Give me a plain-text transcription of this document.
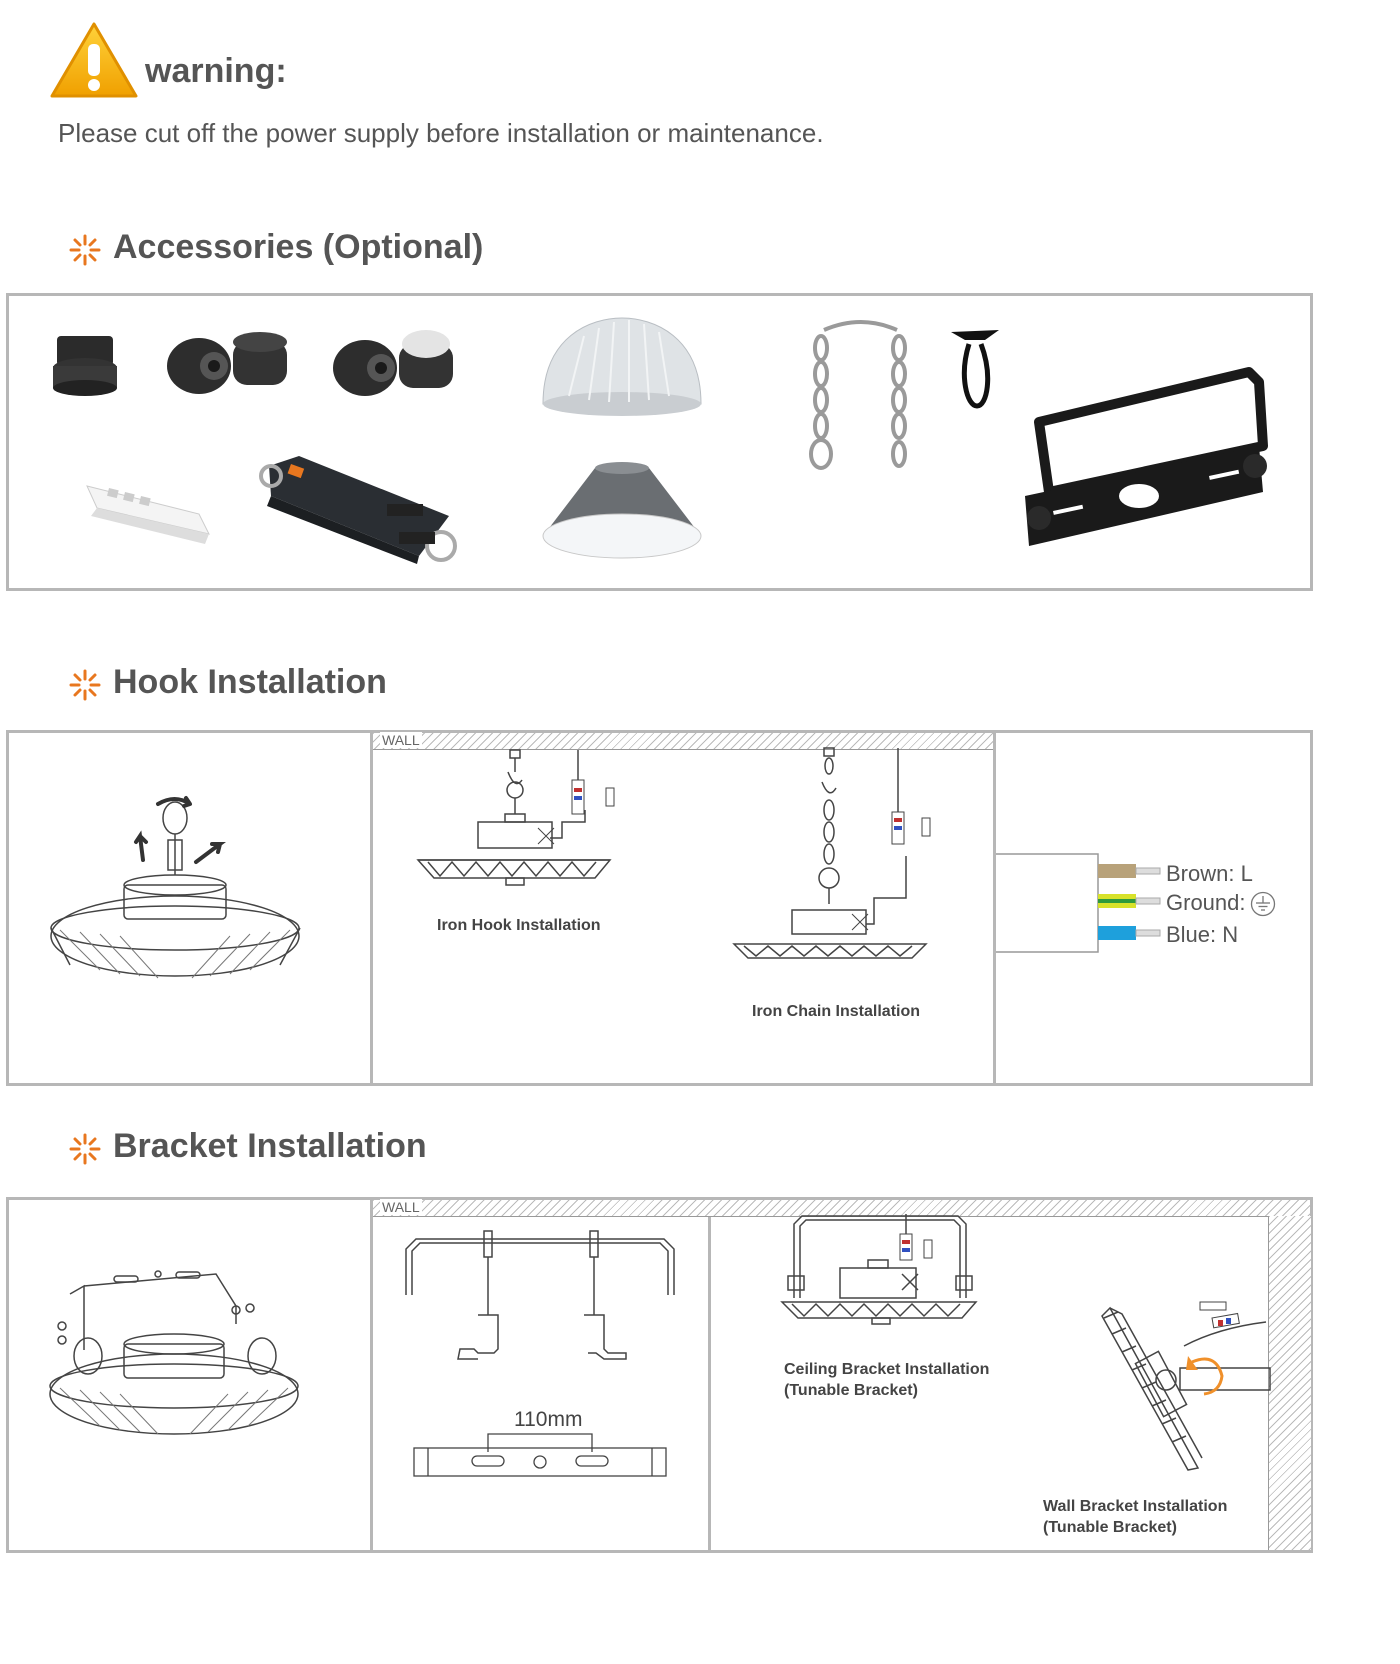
warning:
Please cut off the power supply before installation or maintenance.
Accessories (Optional)
Hook Installation
WALL
Iron Hook Installation
Iron Chain Installation
Brown: L
Ground:
Blue: N
Bracket Installation
WALL
110mm
Ceiling Bracket Installation
(Tunable Bracket)
Wall Bracket Installation
(Tunable Bracket)
